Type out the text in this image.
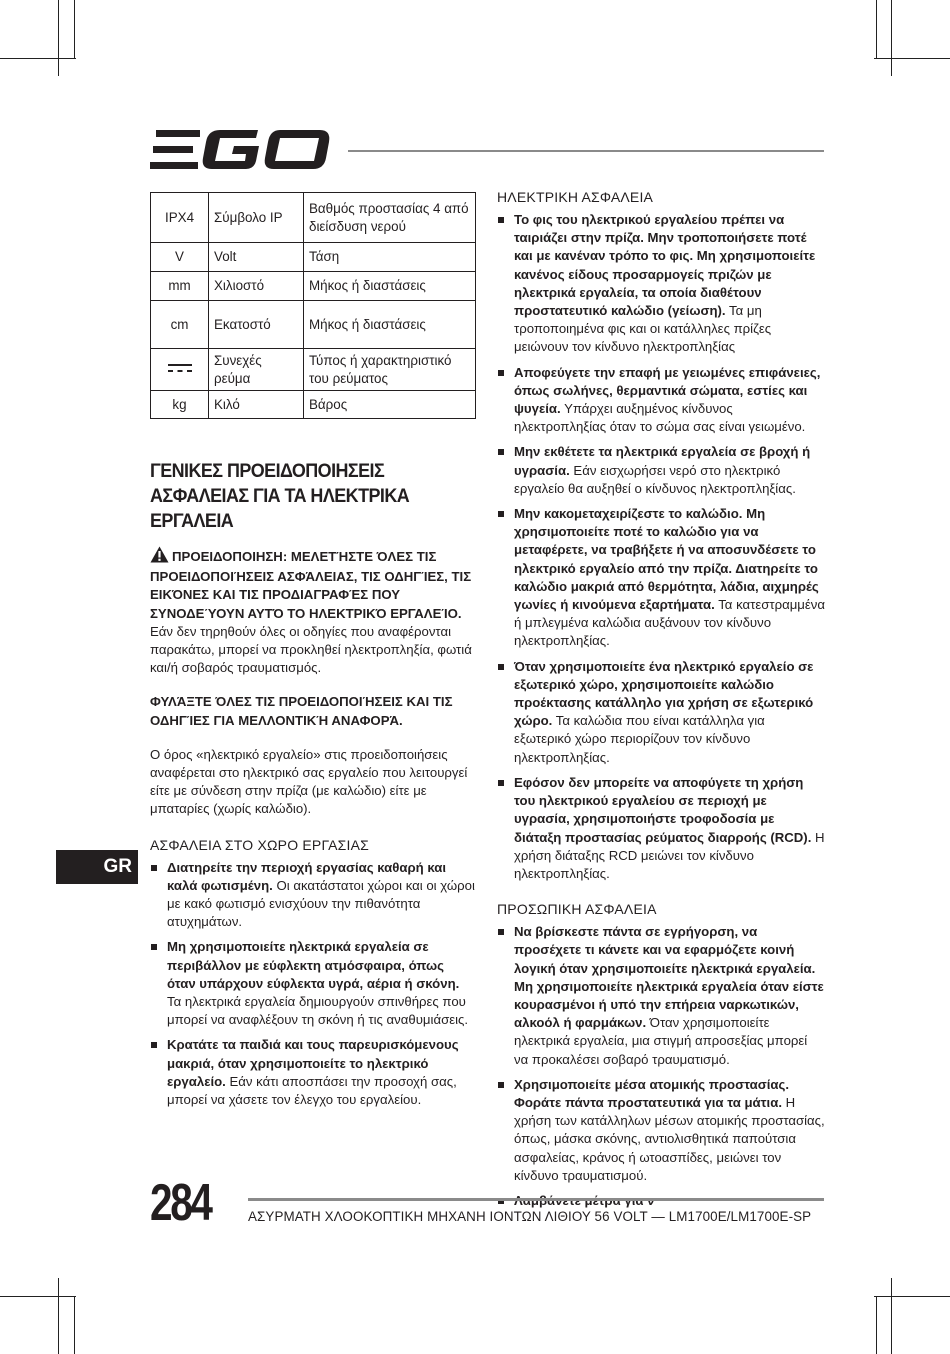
IPX4	Σύμβολο IP	Βαθμός προστασίας 4 από διείσδυση νερού
V	Volt	Τάση
mm	Χιλιοστό	Μήκος ή διαστάσεις
cm	Εκατοστό	Μήκος ή διαστάσεις
	Συνεχές ρεύμα	Τύπος ή χαρακτηριστικό του ρεύματος
kg	Κιλό	Βάρος
ΓΕΝΙΚΕΣ ΠΡΟΕΙΔΟΠΟΙΗΣΕΙΣ ΑΣΦΑΛΕΙΑΣ ΓΙΑ ΤΑ ΗΛΕΚΤΡΙΚΑ ΕΡΓΑΛΕΙΑ

ΠΡΟΕΙΔΟΠΟΙΗΣΗ: ΜΕΛΕΤΉΣΤΕ ΌΛΕΣ ΤΙΣ ΠΡΟΕΙΔΟΠΟΙΉΣΕΙΣ ΑΣΦΆΛΕΙΑΣ, ΤΙΣ ΟΔΗΓΊΕΣ, ΤΙΣ ΕΙΚΌΝΕΣ ΚΑΙ ΤΙΣ ΠΡΟΔΙΑΓΡΑΦΈΣ ΠΟΥ ΣΥΝΟΔΕΎΟΥΝ ΑΥΤΌ ΤΟ ΗΛΕΚΤΡΙΚΌ ΕΡΓΑΛΕΊΟ. Εάν δεν τηρηθούν όλες οι οδηγίες που αναφέρονται παρακάτω, μπορεί να προκληθεί ηλεκτροπληξία, φωτιά και/ή σοβαρός τραυματισμός.

ΦΥΛΆΞΤΕ ΌΛΕΣ ΤΙΣ ΠΡΟΕΙΔΟΠΟΙΉΣΕΙΣ ΚΑΙ ΤΙΣ ΟΔΗΓΊΕΣ ΓΙΑ ΜΕΛΛΟΝΤΙΚΉ ΑΝΑΦΟΡΆ.

Ο όρος «ηλεκτρικό εργαλείο» στις προειδοποιήσεις αναφέρεται στο ηλεκτρικό σας εργαλείο που λειτουργεί είτε με σύνδεση στην πρίζα (με καλώδιο) είτε με μπαταρίες (χωρίς καλώδιο).

ΑΣΦΑΛΕΙΑ ΣΤΟ ΧΩΡΟ ΕΡΓΑΣΙΑΣ
Διατηρείτε την περιοχή εργασίας καθαρή και καλά φωτισμένη. Οι ακατάστατοι χώροι και οι χώροι με κακό φωτισμό ενισχύουν την πιθανότητα ατυχημάτων.
Μη χρησιμοποιείτε ηλεκτρικά εργαλεία σε περιβάλλον με εύφλεκτη ατμόσφαιρα, όπως όταν υπάρχουν εύφλεκτα υγρά, αέρια ή σκόνη. Τα ηλεκτρικά εργαλεία δημιουργούν σπινθήρες που μπορεί να αναφλέξουν τη σκόνη ή τις αναθυμιάσεις.
Κρατάτε τα παιδιά και τους παρευρισκόμενους μακριά, όταν χρησιμοποιείτε το ηλεκτρικό εργαλείο. Εάν κάτι αποσπάσει την προσοχή σας, μπορεί να χάσετε τον έλεγχο του εργαλείου.
ΗΛΕΚΤΡΙΚΗ ΑΣΦΑΛΕΙΑ
Το φις του ηλεκτρικού εργαλείου πρέπει να ταιριάζει στην πρίζα. Μην τροποποιήσετε ποτέ και με κανέναν τρόπο το φις. Μη χρησιμοποιείτε κανένος είδους προσαρμογείς πριζών με ηλεκτρικά εργαλεία, τα οποία διαθέτουν προστατευτικό καλώδιο (γείωση). Τα μη τροποποιημένα φις και οι κατάλληλες πρίζες μειώνουν τον κίνδυνο ηλεκτροπληξίας
Αποφεύγετε την επαφή με γειωμένες επιφάνειες, όπως σωλήνες, θερμαντικά σώματα, εστίες και ψυγεία. Υπάρχει αυξημένος κίνδυνος ηλεκτροπληξίας όταν το σώμα σας είναι γειωμένο.
Μην εκθέτετε τα ηλεκτρικά εργαλεία σε βροχή ή υγρασία. Εάν εισχωρήσει νερό στο ηλεκτρικό εργαλείο θα αυξηθεί ο κίνδυνος ηλεκτροπληξίας.
Μην κακομεταχειρίζεστε το καλώδιο. Μη χρησιμοποιείτε ποτέ το καλώδιο για να μεταφέρετε, να τραβήξετε ή να αποσυνδέσετε το ηλεκτρικό εργαλείο από την πρίζα. Διατηρείτε το καλώδιο μακριά από θερμότητα, λάδια, αιχμηρές γωνίες ή κινούμενα εξαρτήματα. Τα κατεστραμμένα ή μπλεγμένα καλώδια αυξάνουν τον κίνδυνο ηλεκτροπληξίας.
Όταν χρησιμοποιείτε ένα ηλεκτρικό εργαλείο σε εξωτερικό χώρο, χρησιμοποιείτε καλώδιο προέκτασης κατάλληλο για χρήση σε εξωτερικό χώρο. Τα καλώδια που είναι κατάλληλα για εξωτερικό χώρο περιορίζουν τον κίνδυνο ηλεκτροπληξίας.
Εφόσον δεν μπορείτε να αποφύγετε τη χρήση του ηλεκτρικού εργαλείου σε περιοχή με υγρασία, χρησιμοποιήστε τροφοδοσία με διάταξη προστασίας ρεύματος διαρροής (RCD). Η χρήση διάταξης RCD μειώνει τον κίνδυνο ηλεκτροπληξίας.
ΠΡΟΣΩΠΙΚΗ ΑΣΦΑΛΕΙΑ
Να βρίσκεστε πάντα σε εγρήγορση, να προσέχετε τι κάνετε και να εφαρμόζετε κοινή λογική όταν χρησιμοποιείτε ηλεκτρικά εργαλεία. Μη χρησιμοποιείτε ηλεκτρικά εργαλεία όταν είστε κουρασμένοι ή υπό την επήρεια ναρκωτικών, αλκοόλ ή φαρμάκων. Όταν χρησιμοποιείτε ηλεκτρικά εργαλεία, μια στιγμή απροσεξίας μπορεί να προκαλέσει σοβαρό τραυματισμό.
Χρησιμοποιείτε μέσα ατομικής προστασίας. Φοράτε πάντα προστατευτικά για τα μάτια. Η χρήση των κατάλληλων μέσων ατομικής προστασίας, όπως, μάσκα σκόνης, αντιολισθητικά παπούτσια ασφαλείας, κράνος ή ωτοασπίδες, μειώνει τον κίνδυνο τραυματισμού.
GR
284	ΑΣΥΡΜΑΤΗ ΧΛΟΟΚΟΠΤΙΚΗ ΜΗΧΑΝΗ ΙΟΝΤΩΝ ΛΙΘΙΟΥ 56 VOLT — LM1700E/LM1700E-SP
